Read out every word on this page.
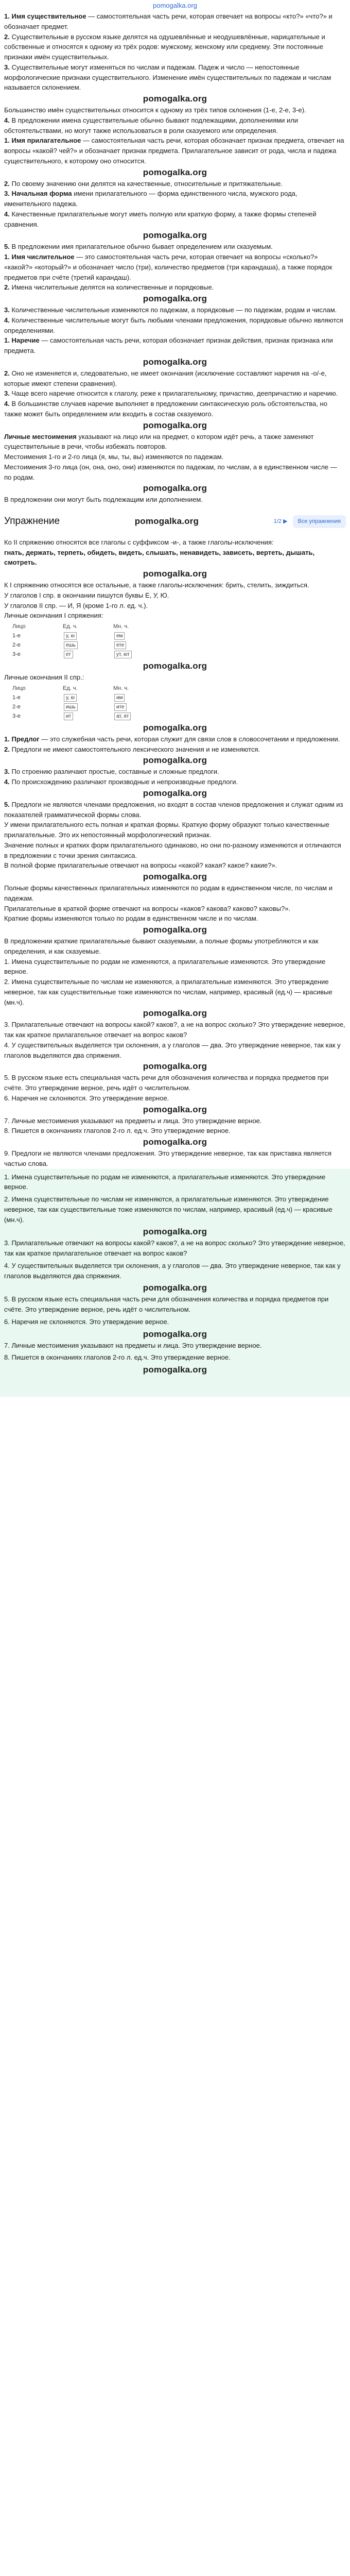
pomogalka.org

1. Имя существительное — самостоятельная часть речи, которая отвечает на вопросы «кто?» «что?» и обозначает предмет.

2. Существительные в русском языке делятся на одушевлённые и неодушевлённые, нарицательные и собственные и относятся к одному из трёх родов: мужскому, женскому или среднему. Эти постоянные признаки имён существительных.

3. Существительные могут изменяться по числам и падежам. Падеж и число — непостоянные морфологические признаки существительного. Изменение имён существительных по падежам и числам называется склонением.

pomogalka.org

Большинство имён существительных относится к одному из трёх типов склонения (1-е, 2-е, 3-е).

4. В предложении имена существительные обычно бывают подлежащими, дополнениями или обстоятельствами, но могут также использоваться в роли сказуемого или определения.

1. Имя прилагательное — самостоятельная часть речи, которая обозначает признак предмета, отвечает на вопросы «какой? чей?» и обозначает признак предмета. Прилагательное зависит от рода, числа и падежа существительного, к которому оно относится.

pomogalka.org

2. По своему значению они делятся на качественные, относительные и притяжательные.

3. Начальная форма имени прилагательного — форма единственного числа, мужского рода, именительного падежа.

4. Качественные прилагательные могут иметь полную или краткую форму, а также формы степеней сравнения.

pomogalka.org

5. В предложении имя прилагательное обычно бывает определением или сказуемым.

1. Имя числительное — это самостоятельная часть речи, которая отвечает на вопросы «сколько?» «какой?» «который?» и обозначает число (три), количество предметов (три карандаша), а также порядок предметов при счёте (третий карандаш).

2. Имена числительные делятся на количественные и порядковые.

pomogalka.org

3. Количественные числительные изменяются по падежам, а порядковые — по падежам, родам и числам.

4. Количественные числительные могут быть любыми членами предложения, порядковые обычно являются определениями.

1. Наречие — самостоятельная часть речи, которая обозначает признак действия, признак признака или предмета.

pomogalka.org

2. Оно не изменяется и, следовательно, не имеет окончания (исключение составляют наречия на -о/-е, которые имеют степени сравнения).

3. Чаще всего наречие относится к глаголу, реже к прилагательному, причастию, деепричастию и наречию.

4. В большинстве случаев наречие выполняет в предложении синтаксическую роль обстоятельства, но также может быть определением или входить в состав сказуемого.

pomogalka.org

Личные местоимения указывают на лицо или на предмет, о котором идёт речь, а также заменяют существительные в речи, чтобы избежать повторов.

Местоимения 1-го и 2-го лица (я, мы, ты, вы) изменяются по падежам.

Местоимения 3-го лица (он, она, оно, они) изменяются по падежам, по числам, а в единственном числе — по родам.

pomogalka.org

В предложении они могут быть подлежащим или дополнением.

Упражнение	pomogalka.org	1/2 ▶	Все упражнения

Ко II спряжению относятся все глаголы с суффиксом -и-, а также глаголы-исключения:

гнать, держать, терпеть, обидеть, видеть, слышать, ненавидеть, зависеть, вертеть, дышать, смотреть.

pomogalka.org

К I спряжению относятся все остальные, а также глаголы-исключения: брить, стелить, зиждиться.

У глаголов I спр. в окончании пишутся буквы Е, У, Ю.

У глаголов II спр. — И, Я (кроме 1-го л. ед. ч.).

Личные окончания I спряжения:

Лицо	Ед. ч.	Мн. ч.
1-е	у, ю	ем
2-е	ешь	ете
3-е	ет	ут, ют
pomogalka.org

Личные окончания II спр.:

Лицо	Ед. ч.	Мн. ч.
1-е	у, ю	им
2-е	ишь	ите
3-е	ит	ат, ят
pomogalka.org

1. Предлог — это служебная часть речи, которая служит для связи слов в словосочетании и предложении.

2. Предлоги не имеют самостоятельного лексического значения и не изменяются.

pomogalka.org

3. По строению различают простые, составные и сложные предлоги.

4. По происхождению различают производные и непроизводные предлоги.

pomogalka.org

5. Предлоги не являются членами предложения, но входят в состав членов предложения и служат одним из показателей грамматической формы слова.

У имени прилагательного есть полная и краткая формы. Краткую форму образуют только качественные прилагательные. Это их непостоянный морфологический признак.

Значение полных и кратких форм прилагательного одинаково, но они по-разному изменяются и отличаются в предложении с точки зрения синтаксиса.

В полной форме прилагательные отвечают на вопросы «какой? какая? какое? какие?».

pomogalka.org

Полные формы качественных прилагательных изменяются по родам в единственном числе, по числам и падежам.

Прилагательные в краткой форме отвечают на вопросы «каков? какова? каково? каковы?».

Краткие формы изменяются только по родам в единственном числе и по числам.

pomogalka.org

В предложении краткие прилагательные бывают сказуемыми, а полные формы употребляются и как определения, и как сказуемые.

1. Имена существительные по родам не изменяются, а прилагательные изменяются. Это утверждение верное.

2. Имена существительные по числам не изменяются, а прилагательные изменяются. Это утверждение неверное, так как существительные тоже изменяются по числам, например, красивый (ед.ч) — красивые (мн.ч).

pomogalka.org

3. Прилагательные отвечают на вопросы какой? каков?, а не на вопрос сколько? Это утверждение неверное, так как краткое прилагательное отвечает на вопрос каков?

4. У существительных выделяется три склонения, а у глаголов — два. Это утверждение неверное, так как у глаголов выделяются два спряжения.

pomogalka.org

5. В русском языке есть специальная часть речи для обозначения количества и порядка предметов при счёте. Это утверждение верное, речь идёт о числительном.

6. Наречия не склоняются. Это утверждение верное.

pomogalka.org

7. Личные местоимения указывают на предметы и лица. Это утверждение верное.

8. Пишется в окончаниях глаголов 2-го л. ед.ч. Это утверждение верное.

pomogalka.org

9. Предлоги не являются членами предложения. Это утверждение неверное, так как приставка является частью слова.

1. Имена существительные по родам не изменяются, а прилагательные изменяются. Это утверждение верное.

2. Имена существительные по числам не изменяются, а прилагательные изменяются. Это утверждение неверное, так как существительные тоже изменяются по числам, например, красивый (ед.ч) — красивые (мн.ч).

pomogalka.org

3. Прилагательные отвечают на вопросы какой? каков?, а не на вопрос сколько? Это утверждение неверное, так как краткое прилагательное отвечает на вопрос каков?

4. У существительных выделяется три склонения, а у глаголов — два. Это утверждение неверное, так как у глаголов выделяются два спряжения.

pomogalka.org

5. В русском языке есть специальная часть речи для обозначения количества и порядка предметов при счёте. Это утверждение верное, речь идёт о числительном.

6. Наречия не склоняются. Это утверждение верное.

pomogalka.org

7. Личные местоимения указывают на предметы и лица. Это утверждение верное.

8. Пишется в окончаниях глаголов 2-го л. ед.ч. Это утверждение верное.

pomogalka.org
